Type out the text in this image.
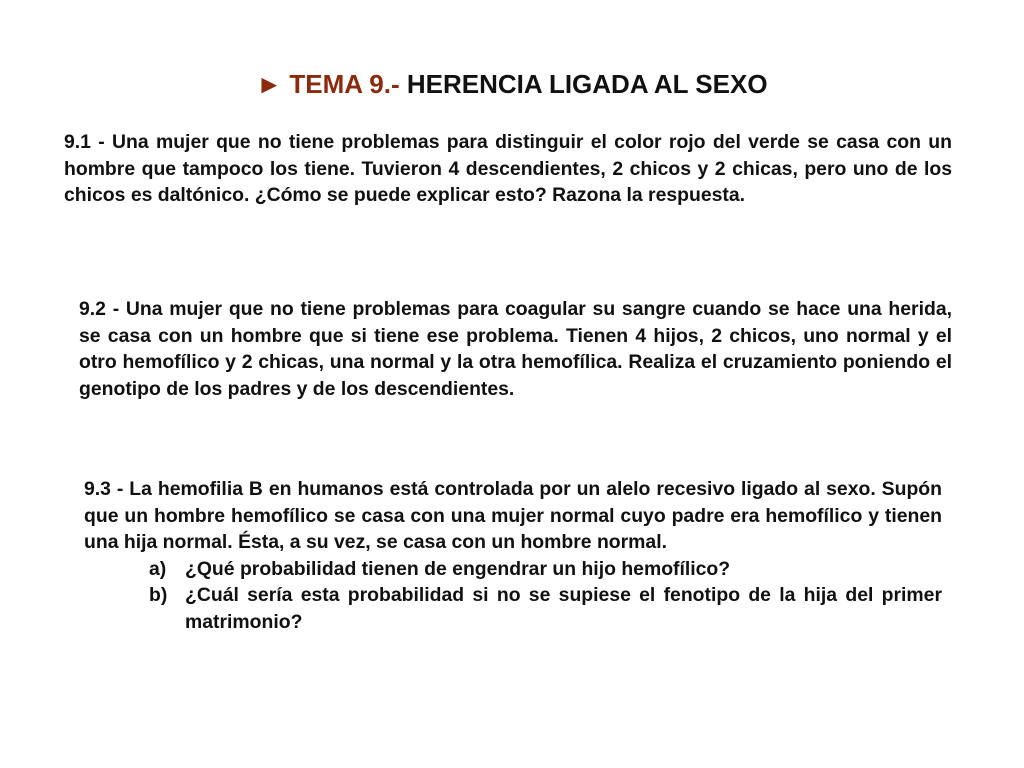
► TEMA 9.- HERENCIA LIGADA AL SEXO
9.1 - Una mujer que no tiene problemas para distinguir el color rojo del verde se casa con un hombre que tampoco los tiene. Tuvieron 4 descendientes, 2 chicos y 2 chicas, pero uno de los chicos es daltónico. ¿Cómo se puede explicar esto? Razona la respuesta.
9.2 - Una mujer que no tiene problemas para coagular su sangre cuando se hace una herida, se casa con un hombre que si tiene ese problema. Tienen 4 hijos, 2 chicos, uno normal y el otro hemofílico y 2 chicas, una normal y la otra hemofílica. Realiza el cruzamiento poniendo el genotipo de los padres y de los descendientes.
9.3 - La hemofilia B en humanos está controlada por un alelo recesivo ligado al sexo. Supón que un hombre hemofílico se casa con una mujer normal cuyo padre era hemofílico y tienen una hija normal. Ésta, a su vez, se casa con un hombre normal.
a) ¿Qué probabilidad tienen de engendrar un hijo hemofílico?
b) ¿Cuál sería esta probabilidad si no se supiese el fenotipo de la hija del primer matrimonio?
